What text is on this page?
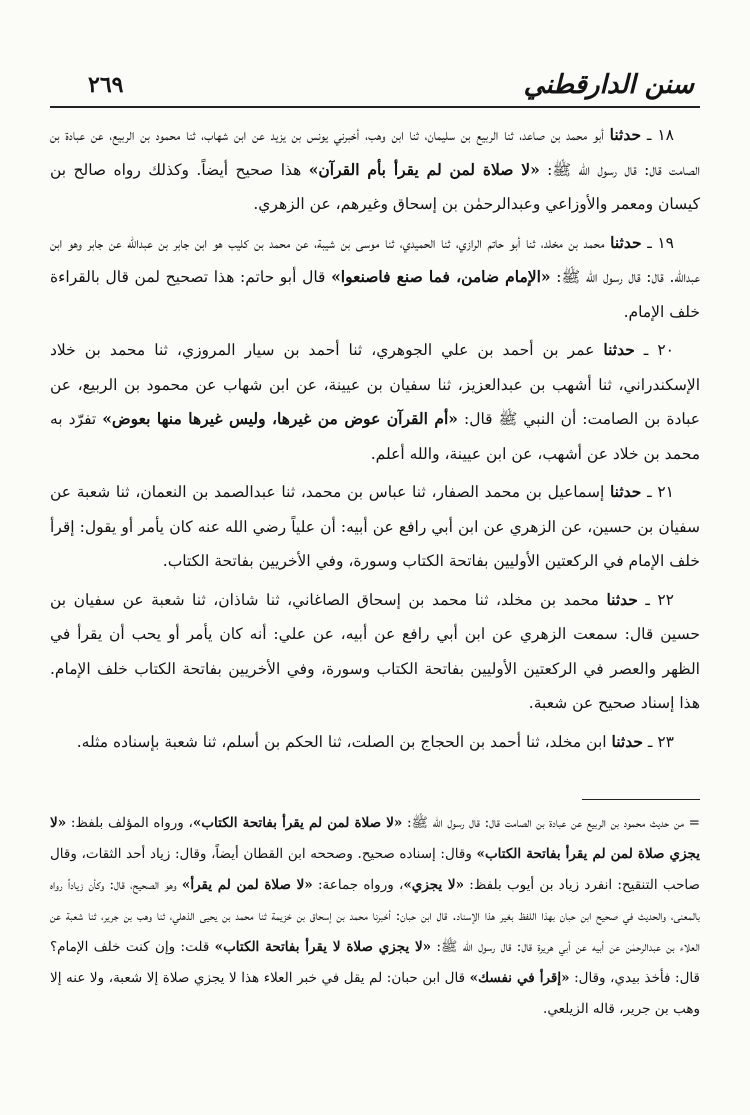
سنن الدارقطني
٢٦٩

١٨ ـ حدثنا أبو محمد بن صاعد، ثنا الربيع بن سليمان، ثنا ابن وهب، أخبرني يونس بن يزيد عن ابن شهاب، ثنا محمود بن الربيع، عن عبادة بن الصامت قال: قال رسول الله ﷺ: «لا صلاة لمن لم يقرأ بأم القرآن» هذا صحيح أيضاً. وكذلك رواه صالح بن كيسان ومعمر والأوزاعي وعبدالرحمٰن بن إسحاق وغيرهم، عن الزهري.

١٩ ـ حدثنا محمد بن مخلد، ثنا أبو حاتم الرازي، ثنا الحميدي، ثنا موسى بن شيبة، عن محمد بن كليب هو ابن جابر بن عبدالله عن جابر وهو ابن عبدالله. قال: قال رسول الله ﷺ: «الإمام ضامن، فما صنع فاصنعوا» قال أبو حاتم: هذا تصحيح لمن قال بالقراءة خلف الإمام.

٢٠ ـ حدثنا عمر بن أحمد بن علي الجوهري، ثنا أحمد بن سيار المروزي، ثنا محمد بن خلاد الإسكندراني، ثنا أشهب بن عبدالعزيز، ثنا سفيان بن عيينة، عن ابن شهاب عن محمود بن الربيع، عن عبادة بن الصامت: أن النبي ﷺ قال: «أم القرآن عوض من غيرها، وليس غيرها منها بعوض» تفرّد به محمد بن خلاد عن أشهب، عن ابن عيينة، والله أعلم.

٢١ ـ حدثنا إسماعيل بن محمد الصفار، ثنا عباس بن محمد، ثنا عبدالصمد بن النعمان، ثنا شعبة عن سفيان بن حسين، عن الزهري عن ابن أبي رافع عن أبيه: أن علياً رضي الله عنه كان يأمر أو يقول: إقرأ خلف الإمام في الركعتين الأوليين بفاتحة الكتاب وسورة، وفي الأخريين بفاتحة الكتاب.

٢٢ ـ حدثنا محمد بن مخلد، ثنا محمد بن إسحاق الصاغاني، ثنا شاذان، ثنا شعبة عن سفيان بن حسين قال: سمعت الزهري عن ابن أبي رافع عن أبيه، عن علي: أنه كان يأمر أو يحب أن يقرأ في الظهر والعصر في الركعتين الأوليين بفاتحة الكتاب وسورة، وفي الأخريين بفاتحة الكتاب خلف الإمام. هذا إسناد صحيح عن شعبة.

٢٣ ـ حدثنا ابن مخلد، ثنا أحمد بن الحجاج بن الصلت، ثنا الحكم بن أسلم، ثنا شعبة بإسناده مثله.

= من حديث محمود بن الربيع عن عبادة بن الصامت قال: قال رسول الله ﷺ: «لا صلاة لمن لم يقرأ بفاتحة الكتاب»، ورواه المؤلف بلفظ: «لا يجزي صلاة لمن لم يقرأ بفاتحة الكتاب» وقال: إسناده صحيح. وصححه ابن القطان أيضاً، وقال: زياد أحد الثقات، وقال صاحب التنقيح: انفرد زياد بن أيوب بلفظ: «لا يجزي»، ورواه جماعة: «لا صلاة لمن لم يقرأ» وهو الصحيح، قال: وكأن زياداً رواه بالمعنى، والحديث في صحيح ابن حبان بهذا اللفظ بغير هذا الإسناد. قال ابن حبان: أخبرنا محمد بن إسحاق بن خزيمة ثنا محمد بن يحيى الذهلي، ثنا وهب بن جرير، ثنا شعبة عن العلاء بن عبدالرحمٰن عن أبيه عن أبي هريرة قال: قال رسول الله ﷺ: «لا يجزي صلاة لا يقرأ بفاتحة الكتاب» قلت: وإن كنت خلف الإمام؟ قال: فأخذ بيدي، وقال: «إقرأ في نفسك» قال ابن حبان: لم يقل في خبر العلاء هذا لا يجزي صلاة إلا شعبة، ولا عنه إلا وهب بن جرير، قاله الزيلعي.
